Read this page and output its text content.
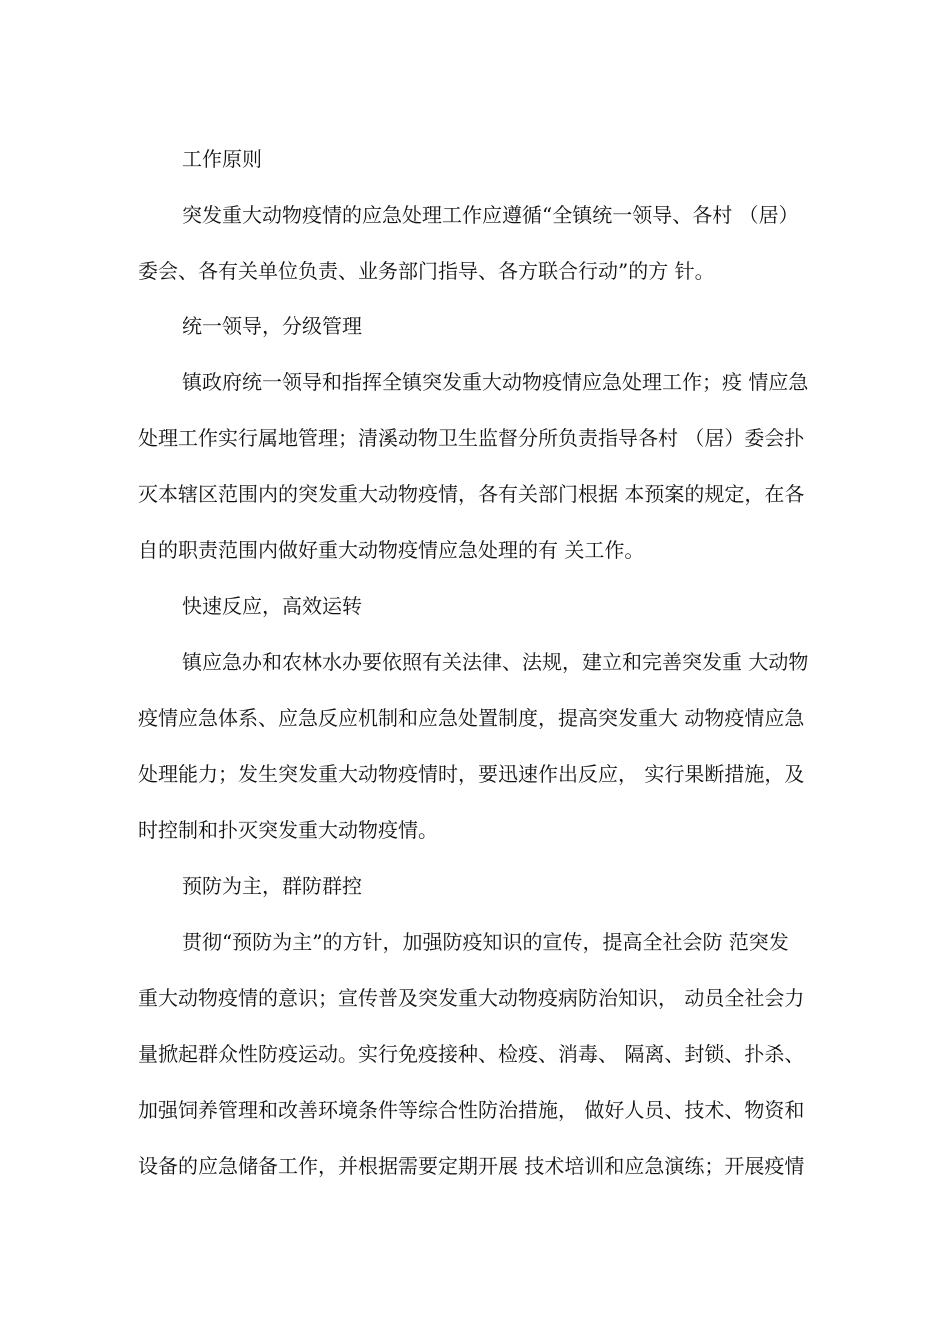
工作原则
突发重大动物疫情的应急处理工作应遵循“全镇统一领导、各村 （居）
委会、各有关单位负责、业务部门指导、各方联合行动”的方 针。
统一领导，分级管理
镇政府统一领导和指挥全镇突发重大动物疫情应急处理工作；疫 情应急
处理工作实行属地管理；清溪动物卫生监督分所负责指导各村 （居）委会扑
灭本辖区范围内的突发重大动物疫情，各有关部门根据 本预案的规定，在各
自的职责范围内做好重大动物疫情应急处理的有 关工作。
快速反应，高效运转
镇应急办和农林水办要依照有关法律、法规，建立和完善突发重 大动物
疫情应急体系、应急反应机制和应急处置制度，提高突发重大 动物疫情应急
处理能力；发生突发重大动物疫情时，要迅速作出反应， 实行果断措施，及
时控制和扑灭突发重大动物疫情。
预防为主，群防群控
贯彻“预防为主”的方针，加强防疫知识的宣传，提高全社会防 范突发
重大动物疫情的意识；宣传普及突发重大动物疫病防治知识， 动员全社会力
量掀起群众性防疫运动。实行免疫接种、检疫、消毒、 隔离、封锁、扑杀、
加强饲养管理和改善环境条件等综合性防治措施， 做好人员、技术、物资和
设备的应急储备工作，并根据需要定期开展 技术培训和应急演练；开展疫情
